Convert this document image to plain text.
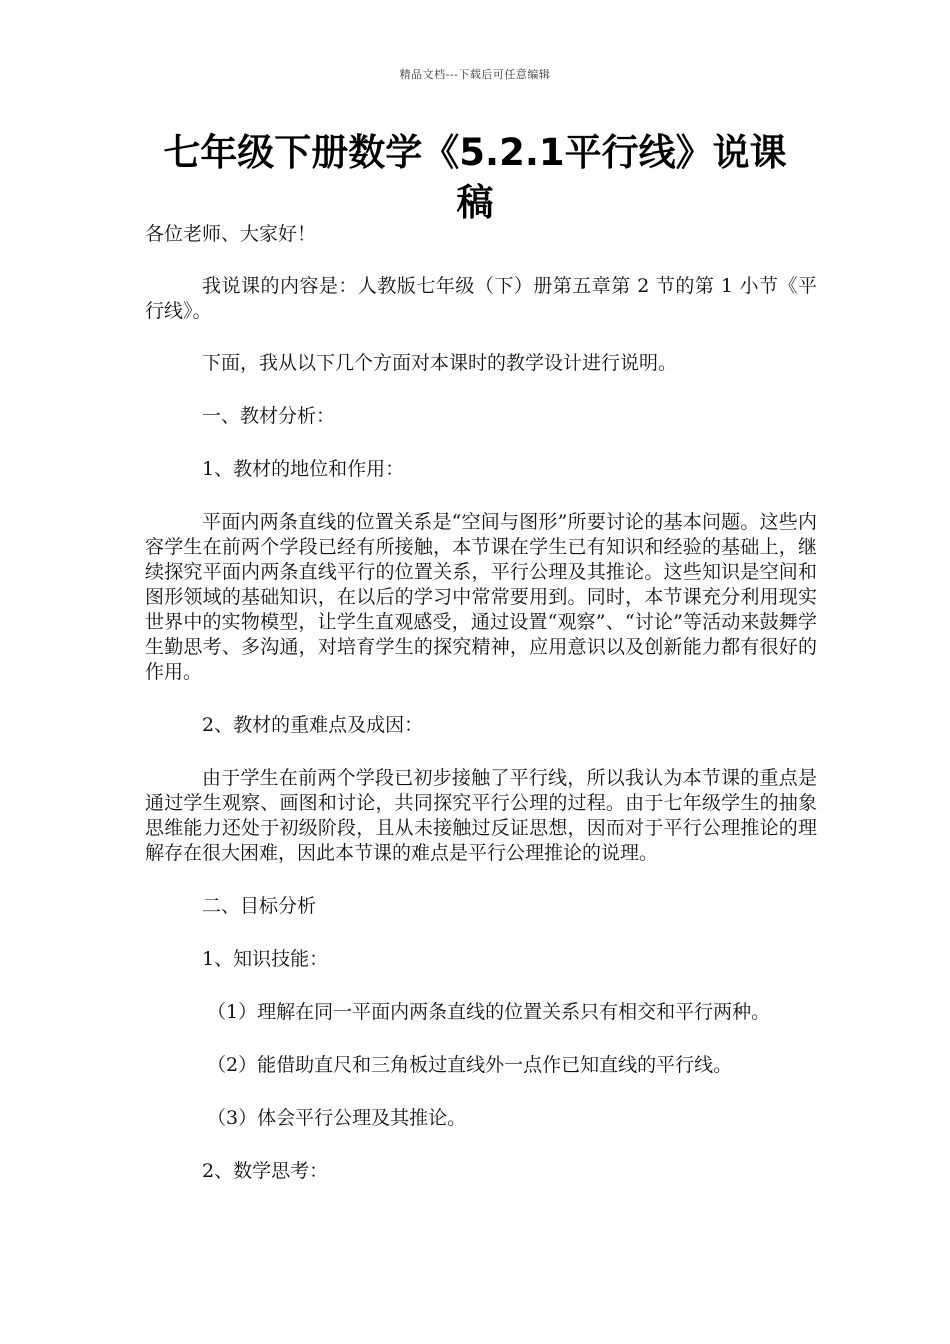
精品文档---下载后可任意编辑
七年级下册数学《5.2.1平行线》说课
稿

各位老师、大家好！

我说课的内容是：人教版七年级（下）册第五章第 2 节的第 1 小节《平行线》。

下面，我从以下几个方面对本课时的教学设计进行说明。

一、教材分析：

1、教材的地位和作用：

平面内两条直线的位置关系是“空间与图形”所要讨论的基本问题。这些内容学生在前两个学段已经有所接触，本节课在学生已有知识和经验的基础上，继续探究平面内两条直线平行的位置关系，平行公理及其推论。这些知识是空间和图形领域的基础知识，在以后的学习中常常要用到。同时，本节课充分利用现实世界中的实物模型，让学生直观感受，通过设置“观察”、“讨论”等活动来鼓舞学生勤思考、多沟通，对培育学生的探究精神，应用意识以及创新能力都有很好的作用。

2、教材的重难点及成因：

由于学生在前两个学段已初步接触了平行线，所以我认为本节课的重点是通过学生观察、画图和讨论，共同探究平行公理的过程。由于七年级学生的抽象思维能力还处于初级阶段，且从未接触过反证思想，因而对于平行公理推论的理解存在很大困难，因此本节课的难点是平行公理推论的说理。

二、目标分析

1、知识技能：

（1）理解在同一平面内两条直线的位置关系只有相交和平行两种。

（2）能借助直尺和三角板过直线外一点作已知直线的平行线。

（3）体会平行公理及其推论。

2、数学思考：
